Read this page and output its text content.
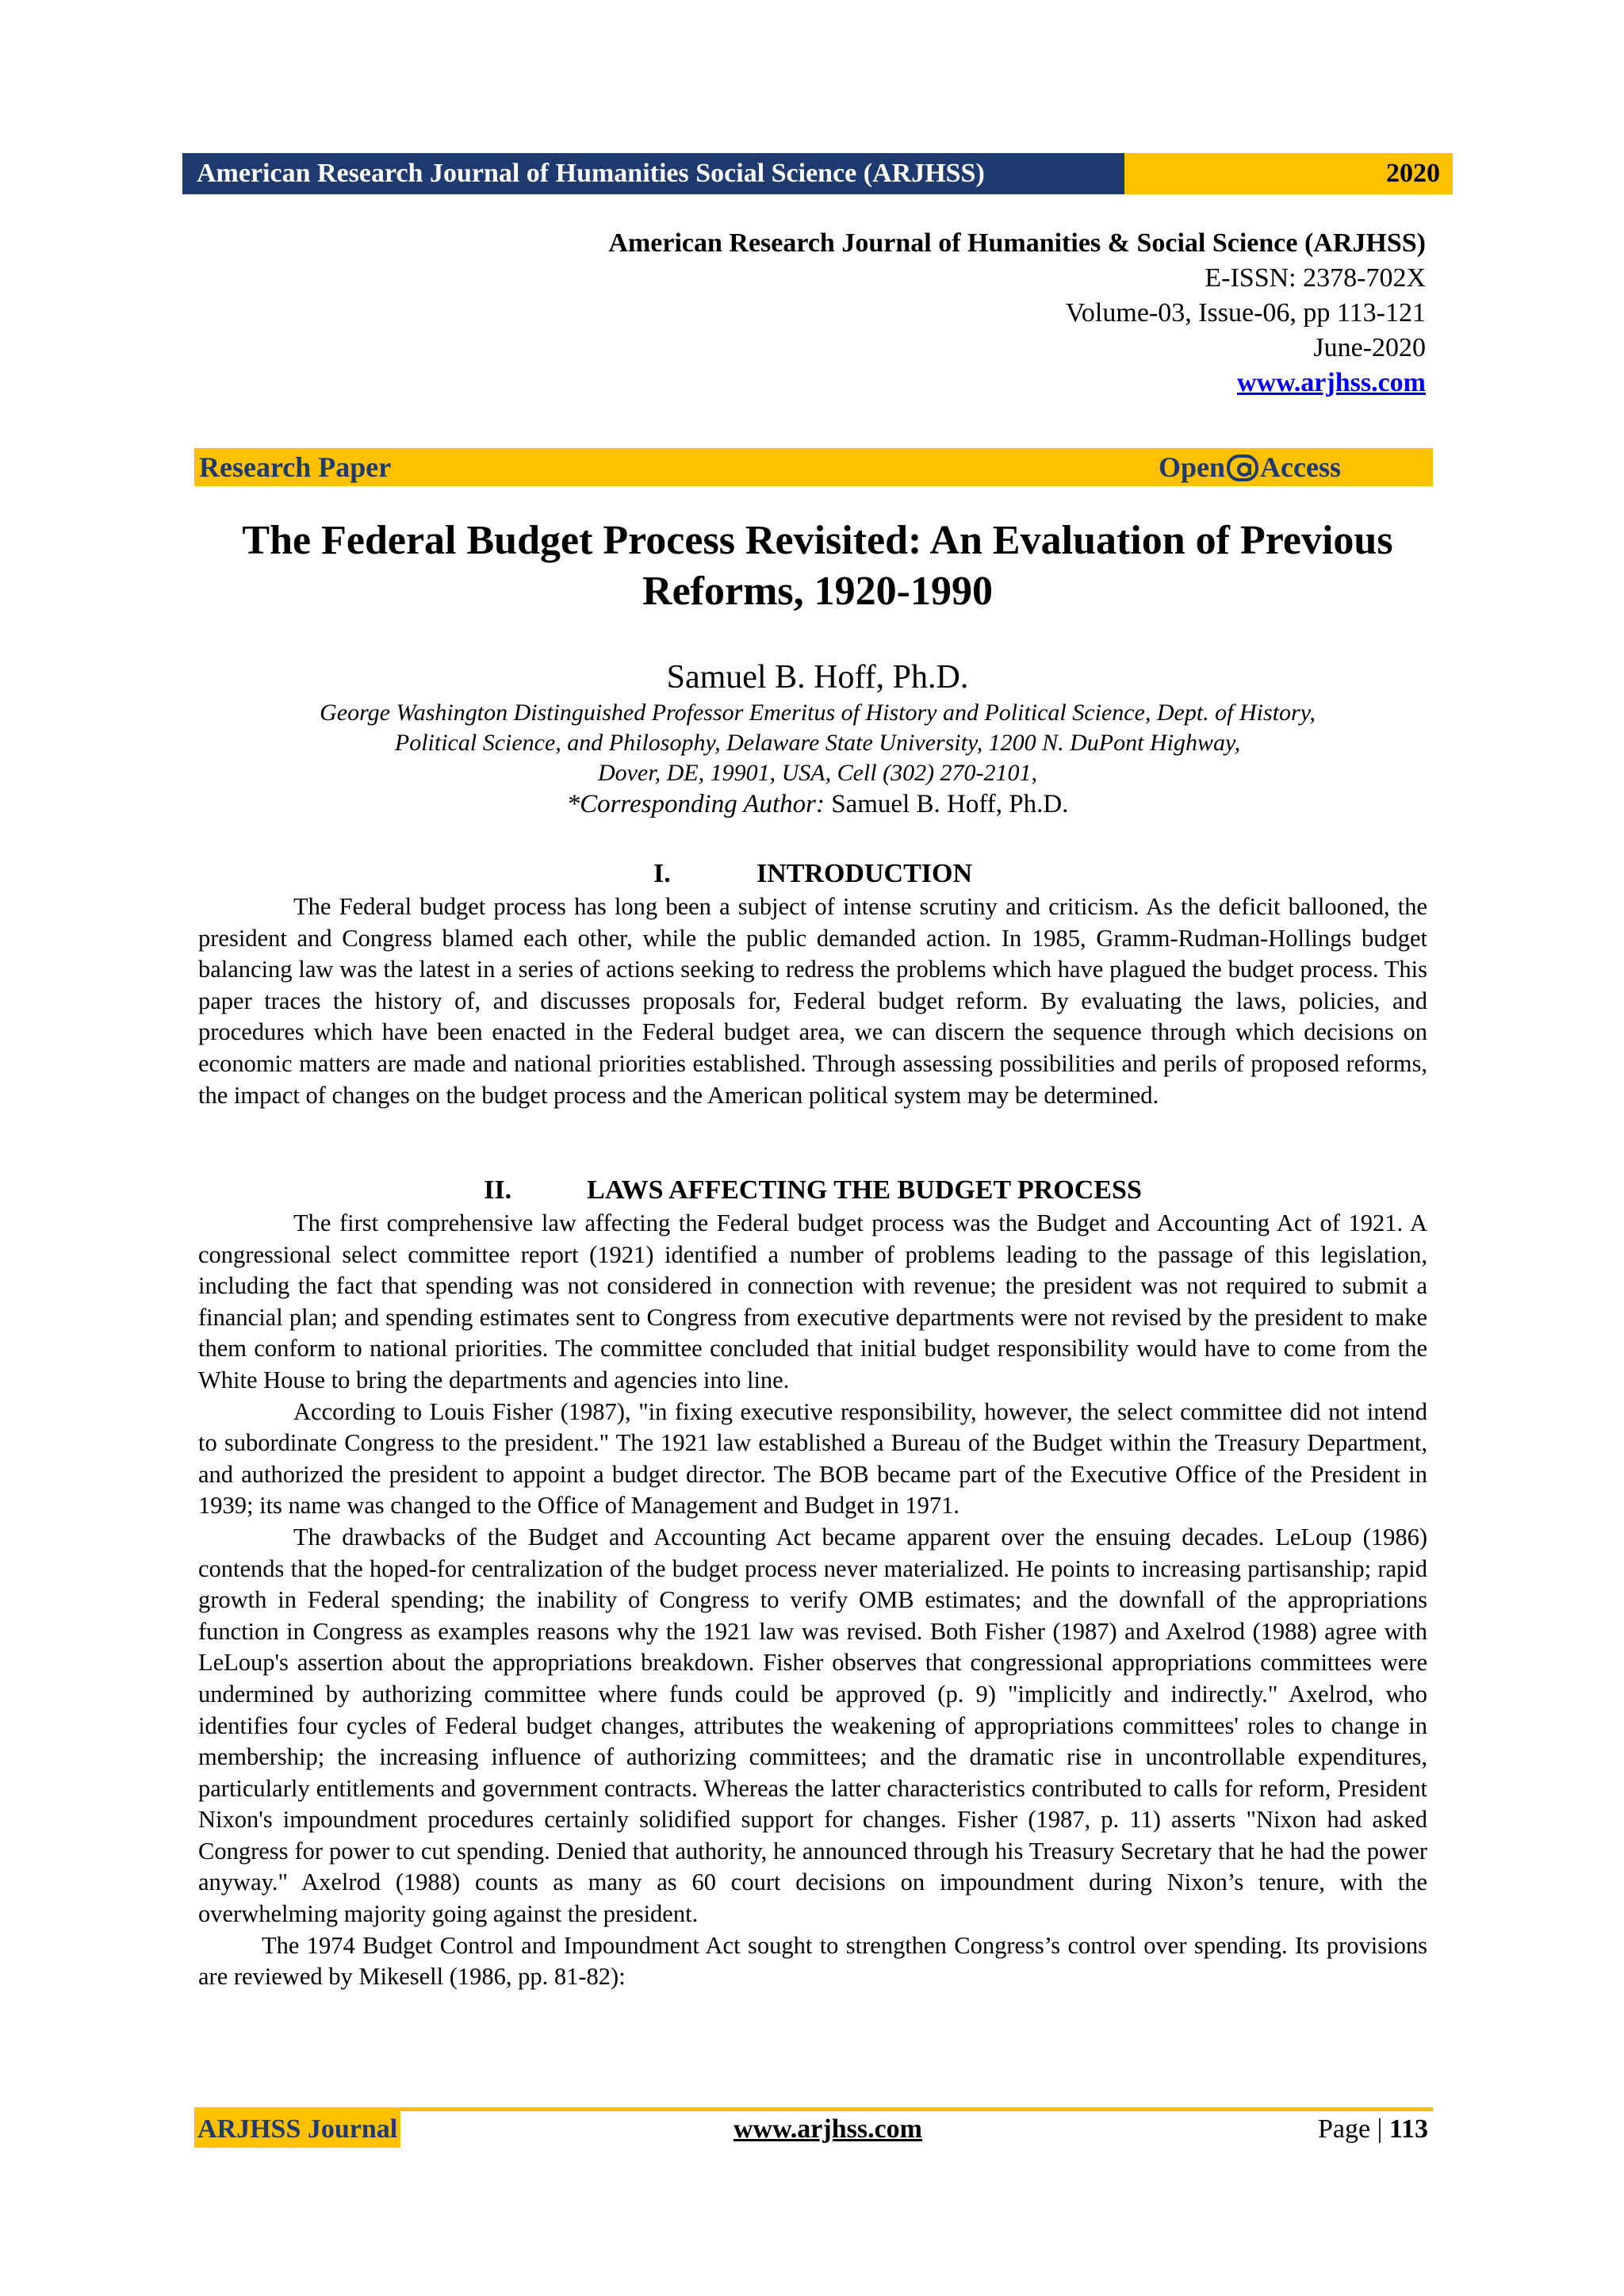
American Research Journal of Humanities Social Science (ARJHSS)	2020
American Research Journal of Humanities & Social Science (ARJHSS)
E-ISSN: 2378-702X
Volume-03, Issue-06, pp 113-121
June-2020
www.arjhss.com
Research Paper	Open Access
The Federal Budget Process Revisited: An Evaluation of Previous
Reforms, 1920-1990
Samuel B. Hoff, Ph.D.
George Washington Distinguished Professor Emeritus of History and Political Science, Dept. of History,
Political Science, and Philosophy, Delaware State University, 1200 N. DuPont Highway,
Dover, DE, 19901, USA, Cell (302) 270-2101,
*Corresponding Author: Samuel B. Hoff, Ph.D.
I.	INTRODUCTION

The Federal budget process has long been a subject of intense scrutiny and criticism. As the deficit ballooned, the president and Congress blamed each other, while the public demanded action. In 1985, Gramm-Rudman-Hollings budget balancing law was the latest in a series of actions seeking to redress the problems which have plagued the budget process. This paper traces the history of, and discusses proposals for, Federal budget reform. By evaluating the laws, policies, and procedures which have been enacted in the Federal budget area, we can discern the sequence through which decisions on economic matters are made and national priorities established. Through assessing possibilities and perils of proposed reforms, the impact of changes on the budget process and the American political system may be determined.

II.	LAWS AFFECTING THE BUDGET PROCESS

The first comprehensive law affecting the Federal budget process was the Budget and Accounting Act of 1921. A congressional select committee report (1921) identified a number of problems leading to the passage of this legislation, including the fact that spending was not considered in connection with revenue; the president was not required to submit a financial plan; and spending estimates sent to Congress from executive departments were not revised by the president to make them conform to national priorities. The committee concluded that initial budget responsibility would have to come from the White House to bring the departments and agencies into line.

According to Louis Fisher (1987), "in fixing executive responsibility, however, the select committee did not intend to subordinate Congress to the president." The 1921 law established a Bureau of the Budget within the Treasury Department, and authorized the president to appoint a budget director. The BOB became part of the Executive Office of the President in 1939; its name was changed to the Office of Management and Budget in 1971.

The drawbacks of the Budget and Accounting Act became apparent over the ensuing decades. LeLoup (1986) contends that the hoped-for centralization of the budget process never materialized. He points to increasing partisanship; rapid growth in Federal spending; the inability of Congress to verify OMB estimates; and the downfall of the appropriations function in Congress as examples reasons why the 1921 law was revised. Both Fisher (1987) and Axelrod (1988) agree with LeLoup's assertion about the appropriations breakdown. Fisher observes that congressional appropriations committees were undermined by authorizing committee where funds could be approved (p. 9) "implicitly and indirectly." Axelrod, who identifies four cycles of Federal budget changes, attributes the weakening of appropriations committees' roles to change in membership; the increasing influence of authorizing committees; and the dramatic rise in uncontrollable expenditures, particularly entitlements and government contracts. Whereas the latter characteristics contributed to calls for reform, President Nixon's impoundment procedures certainly solidified support for changes. Fisher (1987, p. 11) asserts "Nixon had asked Congress for power to cut spending. Denied that authority, he announced through his Treasury Secretary that he had the power anyway." Axelrod (1988) counts as many as 60 court decisions on impoundment during Nixon’s tenure, with the overwhelming majority going against the president.

The 1974 Budget Control and Impoundment Act sought to strengthen Congress’s control over spending. Its provisions are reviewed by Mikesell (1986, pp. 81-82):

ARJHSS Journal	www.arjhss.com	Page | 113
